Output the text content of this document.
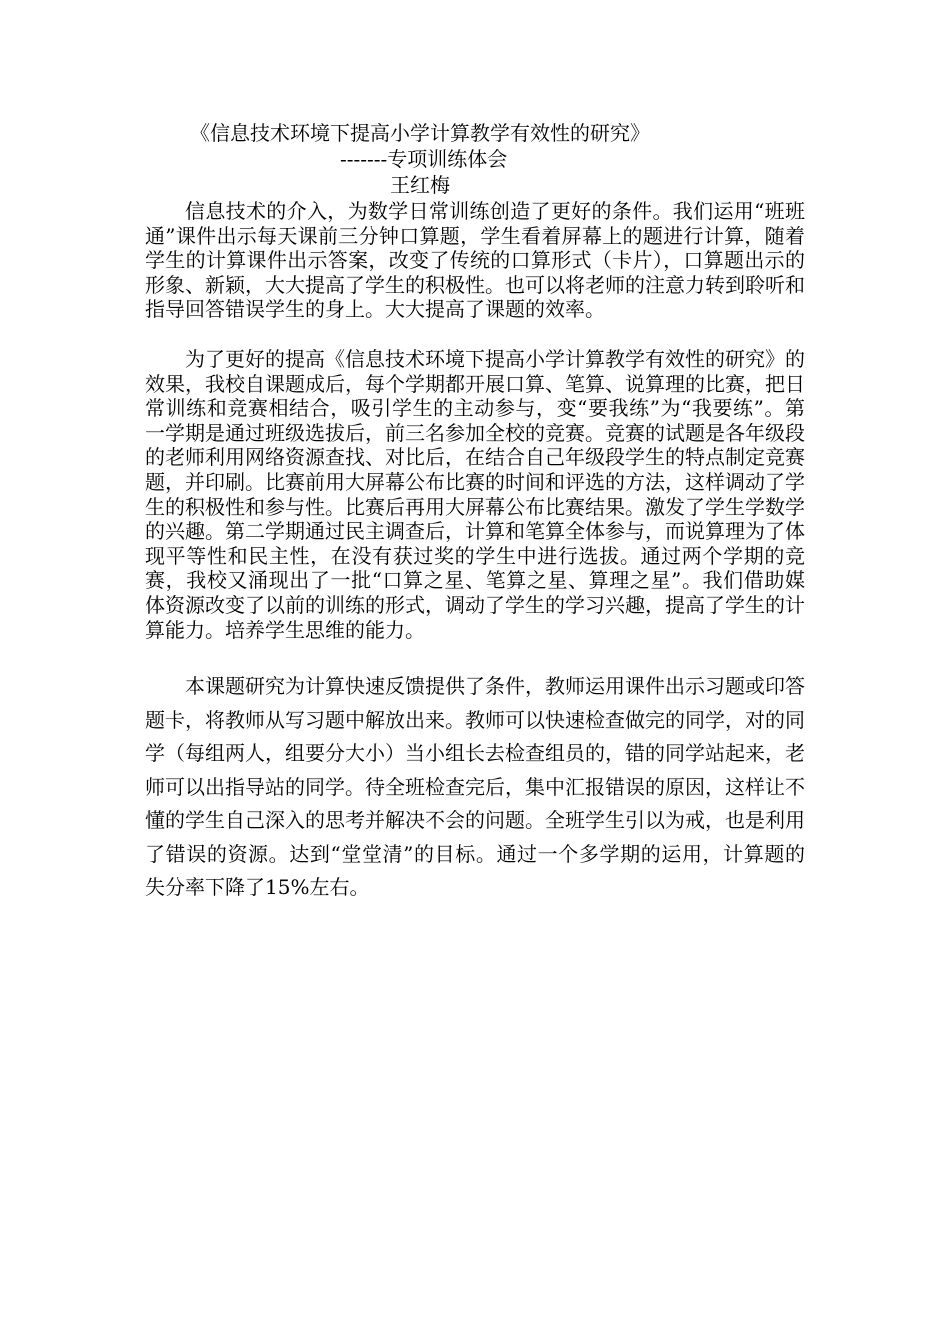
《信息技术环境下提高小学计算教学有效性的研究》
-------专项训练体会
王红梅

信息技术的介入，为数学日常训练创造了更好的条件。我们运用“班班通”课件出示每天课前三分钟口算题，学生看着屏幕上的题进行计算，随着学生的计算课件出示答案，改变了传统的口算形式（卡片），口算题出示的形象、新颖，大大提高了学生的积极性。也可以将老师的注意力转到聆听和指导回答错误学生的身上。大大提高了课题的效率。

为了更好的提高《信息技术环境下提高小学计算教学有效性的研究》的效果，我校自课题成后，每个学期都开展口算、笔算、说算理的比赛，把日常训练和竞赛相结合，吸引学生的主动参与，变“要我练”为“我要练”。第一学期是通过班级选拔后，前三名参加全校的竞赛。竞赛的试题是各年级段的老师利用网络资源查找、对比后，在结合自己年级段学生的特点制定竞赛题，并印刷。比赛前用大屏幕公布比赛的时间和评选的方法，这样调动了学生的积极性和参与性。比赛后再用大屏幕公布比赛结果。激发了学生学数学的兴趣。第二学期通过民主调查后，计算和笔算全体参与，而说算理为了体现平等性和民主性，在没有获过奖的学生中进行选拔。通过两个学期的竞赛，我校又涌现出了一批“口算之星、笔算之星、算理之星”。我们借助媒体资源改变了以前的训练的形式，调动了学生的学习兴趣，提高了学生的计算能力。培养学生思维的能力。

本课题研究为计算快速反馈提供了条件，教师运用课件出示习题或印答题卡，将教师从写习题中解放出来。教师可以快速检查做完的同学，对的同学（每组两人，组要分大小）当小组长去检查组员的，错的同学站起来，老师可以出指导站的同学。待全班检查完后，集中汇报错误的原因，这样让不懂的学生自己深入的思考并解决不会的问题。全班学生引以为戒，也是利用了错误的资源。达到“堂堂清”的目标。通过一个多学期的运用，计算题的失分率下降了15%左右。
